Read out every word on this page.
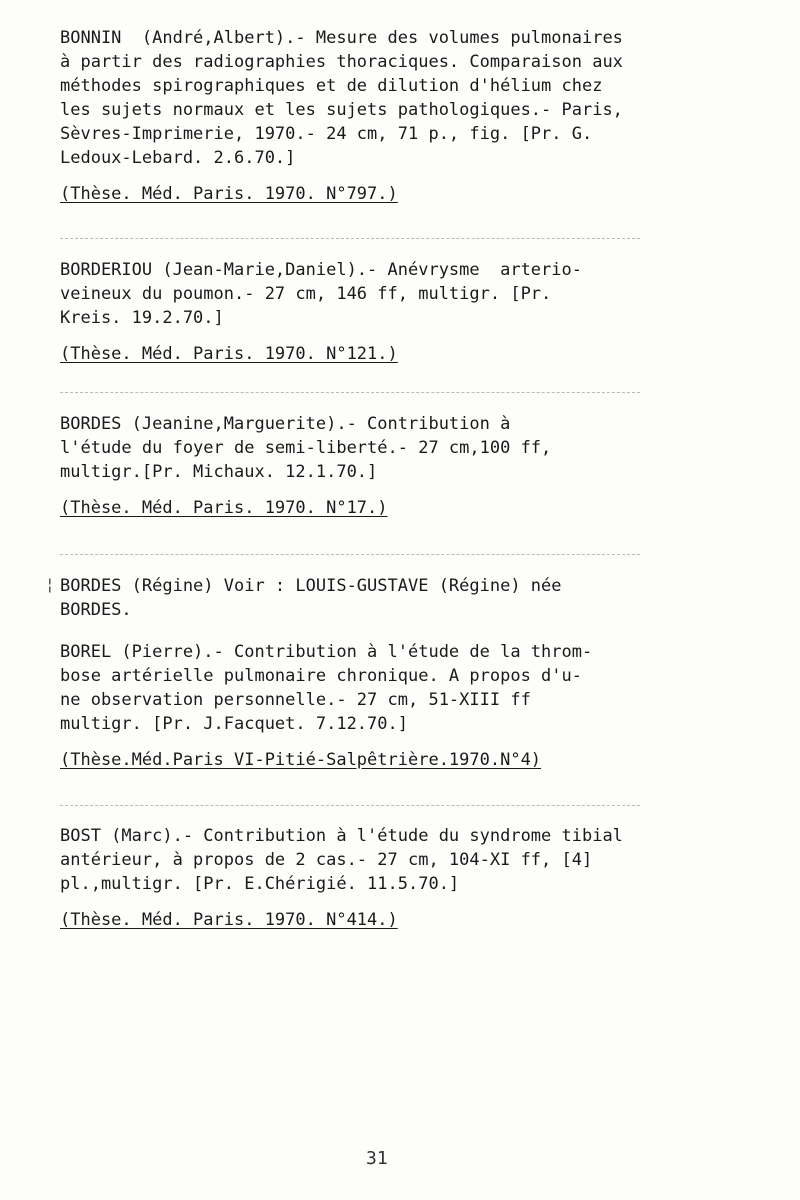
BONNIN  (André,Albert).- Mesure des volumes pulmonaires

à partir des radiographies thoraciques. Comparaison aux

méthodes spirographiques et de dilution d'hélium chez

les sujets normaux et les sujets pathologiques.- Paris,

Sèvres-Imprimerie, 1970.- 24 cm, 71 p., fig. [Pr. G.

Ledoux-Lebard. 2.6.70.]

(Thèse. Méd. Paris. 1970. N°797.)

BORDERIOU (Jean-Marie,Daniel).- Anévrysme  arterio-

veineux du poumon.- 27 cm, 146 ff, multigr. [Pr.

Kreis. 19.2.70.]

(Thèse. Méd. Paris. 1970. N°121.)

BORDES (Jeanine,Marguerite).- Contribution à

l'étude du foyer de semi-liberté.- 27 cm,100 ff,

multigr.[Pr. Michaux. 12.1.70.]

(Thèse. Méd. Paris. 1970. N°17.)

¦ BORDES (Régine) Voir : LOUIS-GUSTAVE (Régine) née

BORDES.

BOREL (Pierre).- Contribution à l'étude de la throm-

bose artérielle pulmonaire chronique. A propos d'u-

ne observation personnelle.- 27 cm, 51-XIII ff

multigr. [Pr. J.Facquet. 7.12.70.]

(Thèse.Méd.Paris VI-Pitié-Salpêtrière.1970.N°4)

BOST (Marc).- Contribution à l'étude du syndrome tibial

antérieur, à propos de 2 cas.- 27 cm, 104-XI ff, [4]

pl.,multigr. [Pr. E.Chérigié. 11.5.70.]

(Thèse. Méd. Paris. 1970. N°414.)

31
